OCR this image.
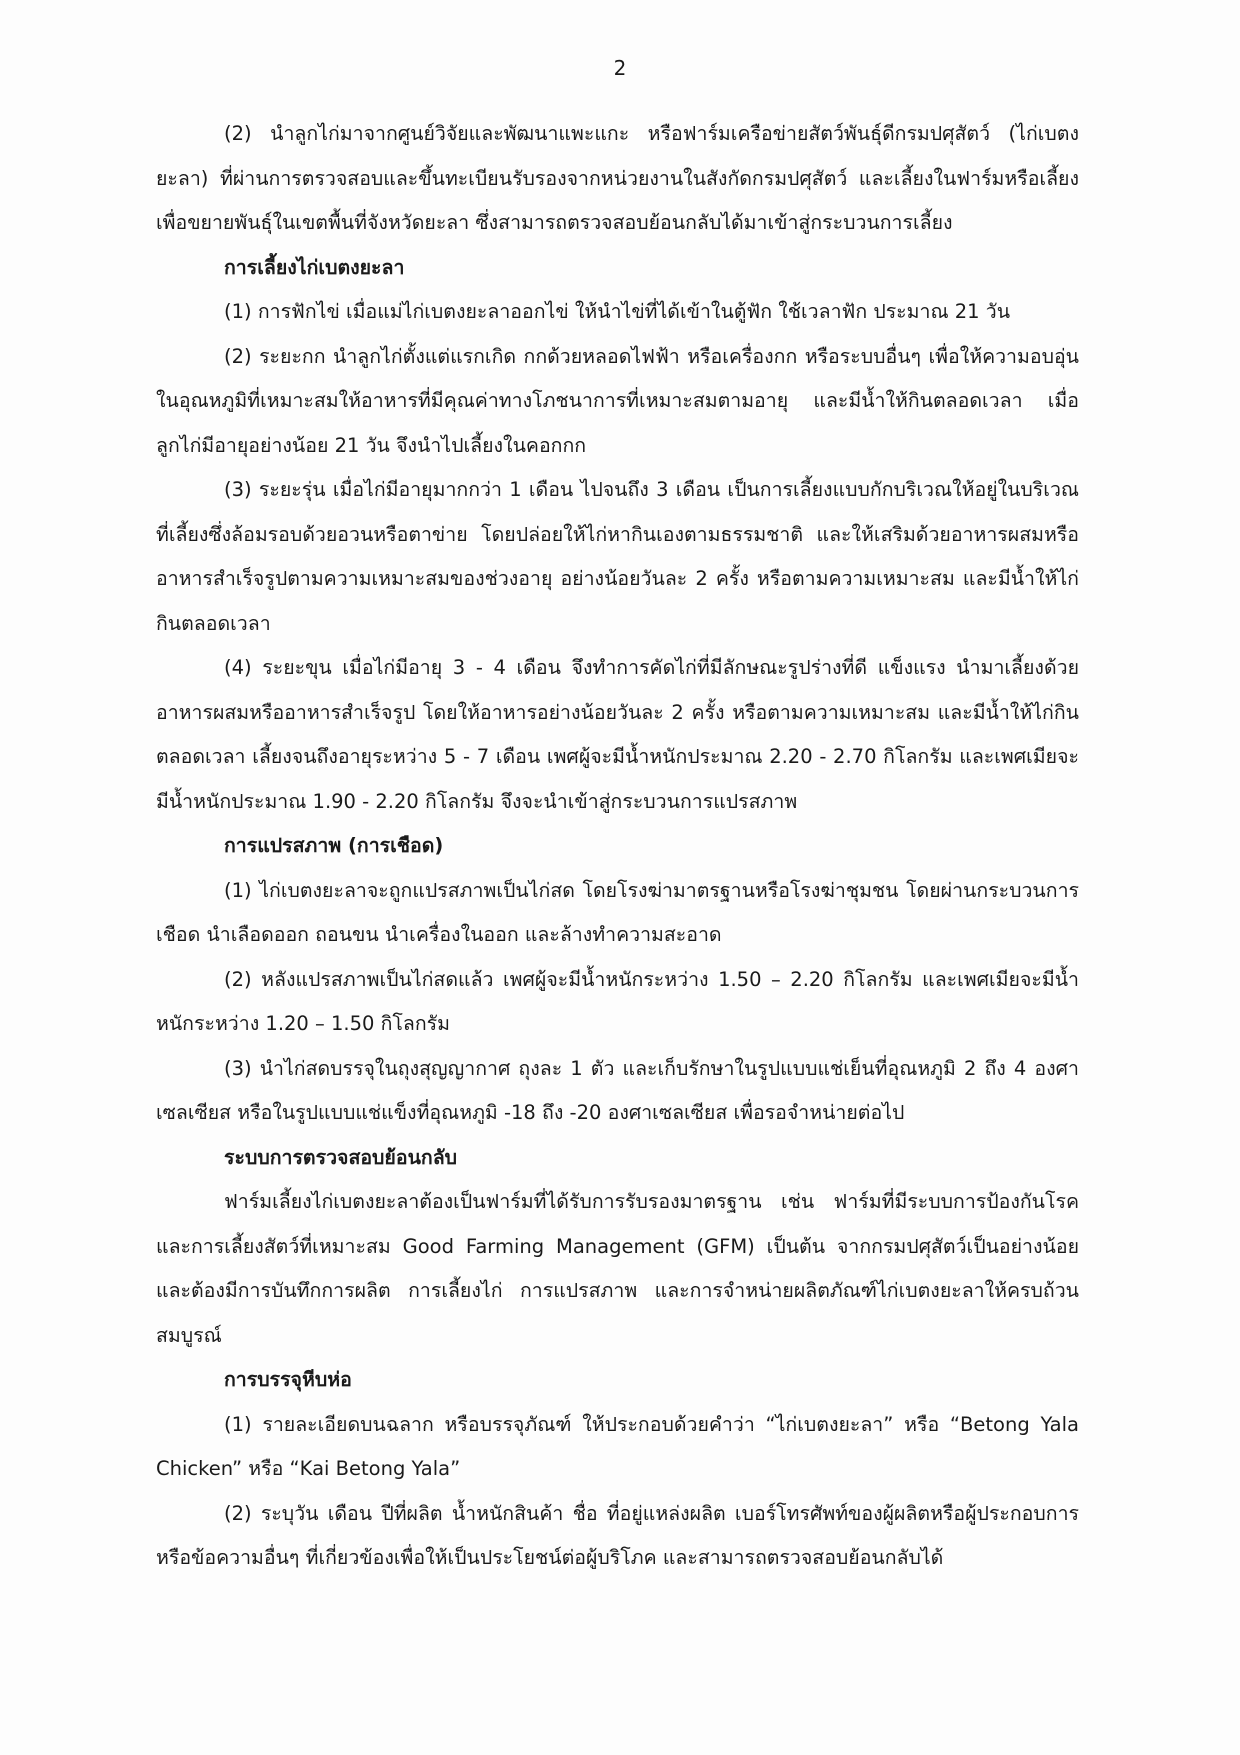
2

(2) นำลูกไก่มาจากศูนย์วิจัยและพัฒนาแพะแกะ หรือฟาร์มเครือข่ายสัตว์พันธุ์ดีกรมปศุสัตว์ (ไก่เบตงยะลา) ที่ผ่านการตรวจสอบและขึ้นทะเบียนรับรองจากหน่วยงานในสังกัดกรมปศุสัตว์ และเลี้ยงในฟาร์มหรือเลี้ยงเพื่อขยายพันธุ์ในเขตพื้นที่จังหวัดยะลา ซึ่งสามารถตรวจสอบย้อนกลับได้มาเข้าสู่กระบวนการเลี้ยง

การเลี้ยงไก่เบตงยะลา

(1) การฟักไข่ เมื่อแม่ไก่เบตงยะลาออกไข่ ให้นำไข่ที่ได้เข้าในตู้ฟัก ใช้เวลาฟัก ประมาณ 21 วัน

(2) ระยะกก นำลูกไก่ตั้งแต่แรกเกิด กกด้วยหลอดไฟฟ้า หรือเครื่องกก หรือระบบอื่นๆ เพื่อให้ความอบอุ่นในอุณหภูมิที่เหมาะสมให้อาหารที่มีคุณค่าทางโภชนาการที่เหมาะสมตามอายุ และมีน้ำให้กินตลอดเวลา เมื่อลูกไก่มีอายุอย่างน้อย 21 วัน จึงนำไปเลี้ยงในคอกกก

(3) ระยะรุ่น เมื่อไก่มีอายุมากกว่า 1 เดือน ไปจนถึง 3 เดือน เป็นการเลี้ยงแบบกักบริเวณให้อยู่ในบริเวณที่เลี้ยงซึ่งล้อมรอบด้วยอวนหรือตาข่าย โดยปล่อยให้ไก่หากินเองตามธรรมชาติ และให้เสริมด้วยอาหารผสมหรืออาหารสำเร็จรูปตามความเหมาะสมของช่วงอายุ อย่างน้อยวันละ 2 ครั้ง หรือตามความเหมาะสม และมีน้ำให้ไก่กินตลอดเวลา

(4) ระยะขุน เมื่อไก่มีอายุ 3 - 4 เดือน จึงทำการคัดไก่ที่มีลักษณะรูปร่างที่ดี แข็งแรง นำมาเลี้ยงด้วยอาหารผสมหรืออาหารสำเร็จรูป โดยให้อาหารอย่างน้อยวันละ 2 ครั้ง หรือตามความเหมาะสม และมีน้ำให้ไก่กินตลอดเวลา เลี้ยงจนถึงอายุระหว่าง 5 - 7 เดือน เพศผู้จะมีน้ำหนักประมาณ 2.20 - 2.70 กิโลกรัม และเพศเมียจะมีน้ำหนักประมาณ 1.90 - 2.20 กิโลกรัม จึงจะนำเข้าสู่กระบวนการแปรสภาพ

การแปรสภาพ (การเชือด)

(1) ไก่เบตงยะลาจะถูกแปรสภาพเป็นไก่สด โดยโรงฆ่ามาตรฐานหรือโรงฆ่าชุมชน โดยผ่านกระบวนการเชือด นำเลือดออก ถอนขน นำเครื่องในออก และล้างทำความสะอาด

(2) หลังแปรสภาพเป็นไก่สดแล้ว เพศผู้จะมีน้ำหนักระหว่าง 1.50 – 2.20 กิโลกรัม และเพศเมียจะมีน้ำหนักระหว่าง 1.20 – 1.50 กิโลกรัม

(3) นำไก่สดบรรจุในถุงสุญญากาศ ถุงละ 1 ตัว และเก็บรักษาในรูปแบบแช่เย็นที่อุณหภูมิ 2 ถึง 4 องศาเซลเซียส หรือในรูปแบบแช่แข็งที่อุณหภูมิ -18 ถึง -20 องศาเซลเซียส เพื่อรอจำหน่ายต่อไป

ระบบการตรวจสอบย้อนกลับ

ฟาร์มเลี้ยงไก่เบตงยะลาต้องเป็นฟาร์มที่ได้รับการรับรองมาตรฐาน เช่น ฟาร์มที่มีระบบการป้องกันโรคและการเลี้ยงสัตว์ที่เหมาะสม Good Farming Management (GFM) เป็นต้น จากกรมปศุสัตว์เป็นอย่างน้อย และต้องมีการบันทึกการผลิต การเลี้ยงไก่ การแปรสภาพ และการจำหน่ายผลิตภัณฑ์ไก่เบตงยะลาให้ครบถ้วนสมบูรณ์

การบรรจุหีบห่อ

(1) รายละเอียดบนฉลาก หรือบรรจุภัณฑ์ ให้ประกอบด้วยคำว่า “ไก่เบตงยะลา” หรือ “Betong Yala Chicken” หรือ “Kai Betong Yala”

(2) ระบุวัน เดือน ปีที่ผลิต น้ำหนักสินค้า ชื่อ ที่อยู่แหล่งผลิต เบอร์โทรศัพท์ของผู้ผลิตหรือผู้ประกอบการ หรือข้อความอื่นๆ ที่เกี่ยวข้องเพื่อให้เป็นประโยชน์ต่อผู้บริโภค และสามารถตรวจสอบย้อนกลับได้
